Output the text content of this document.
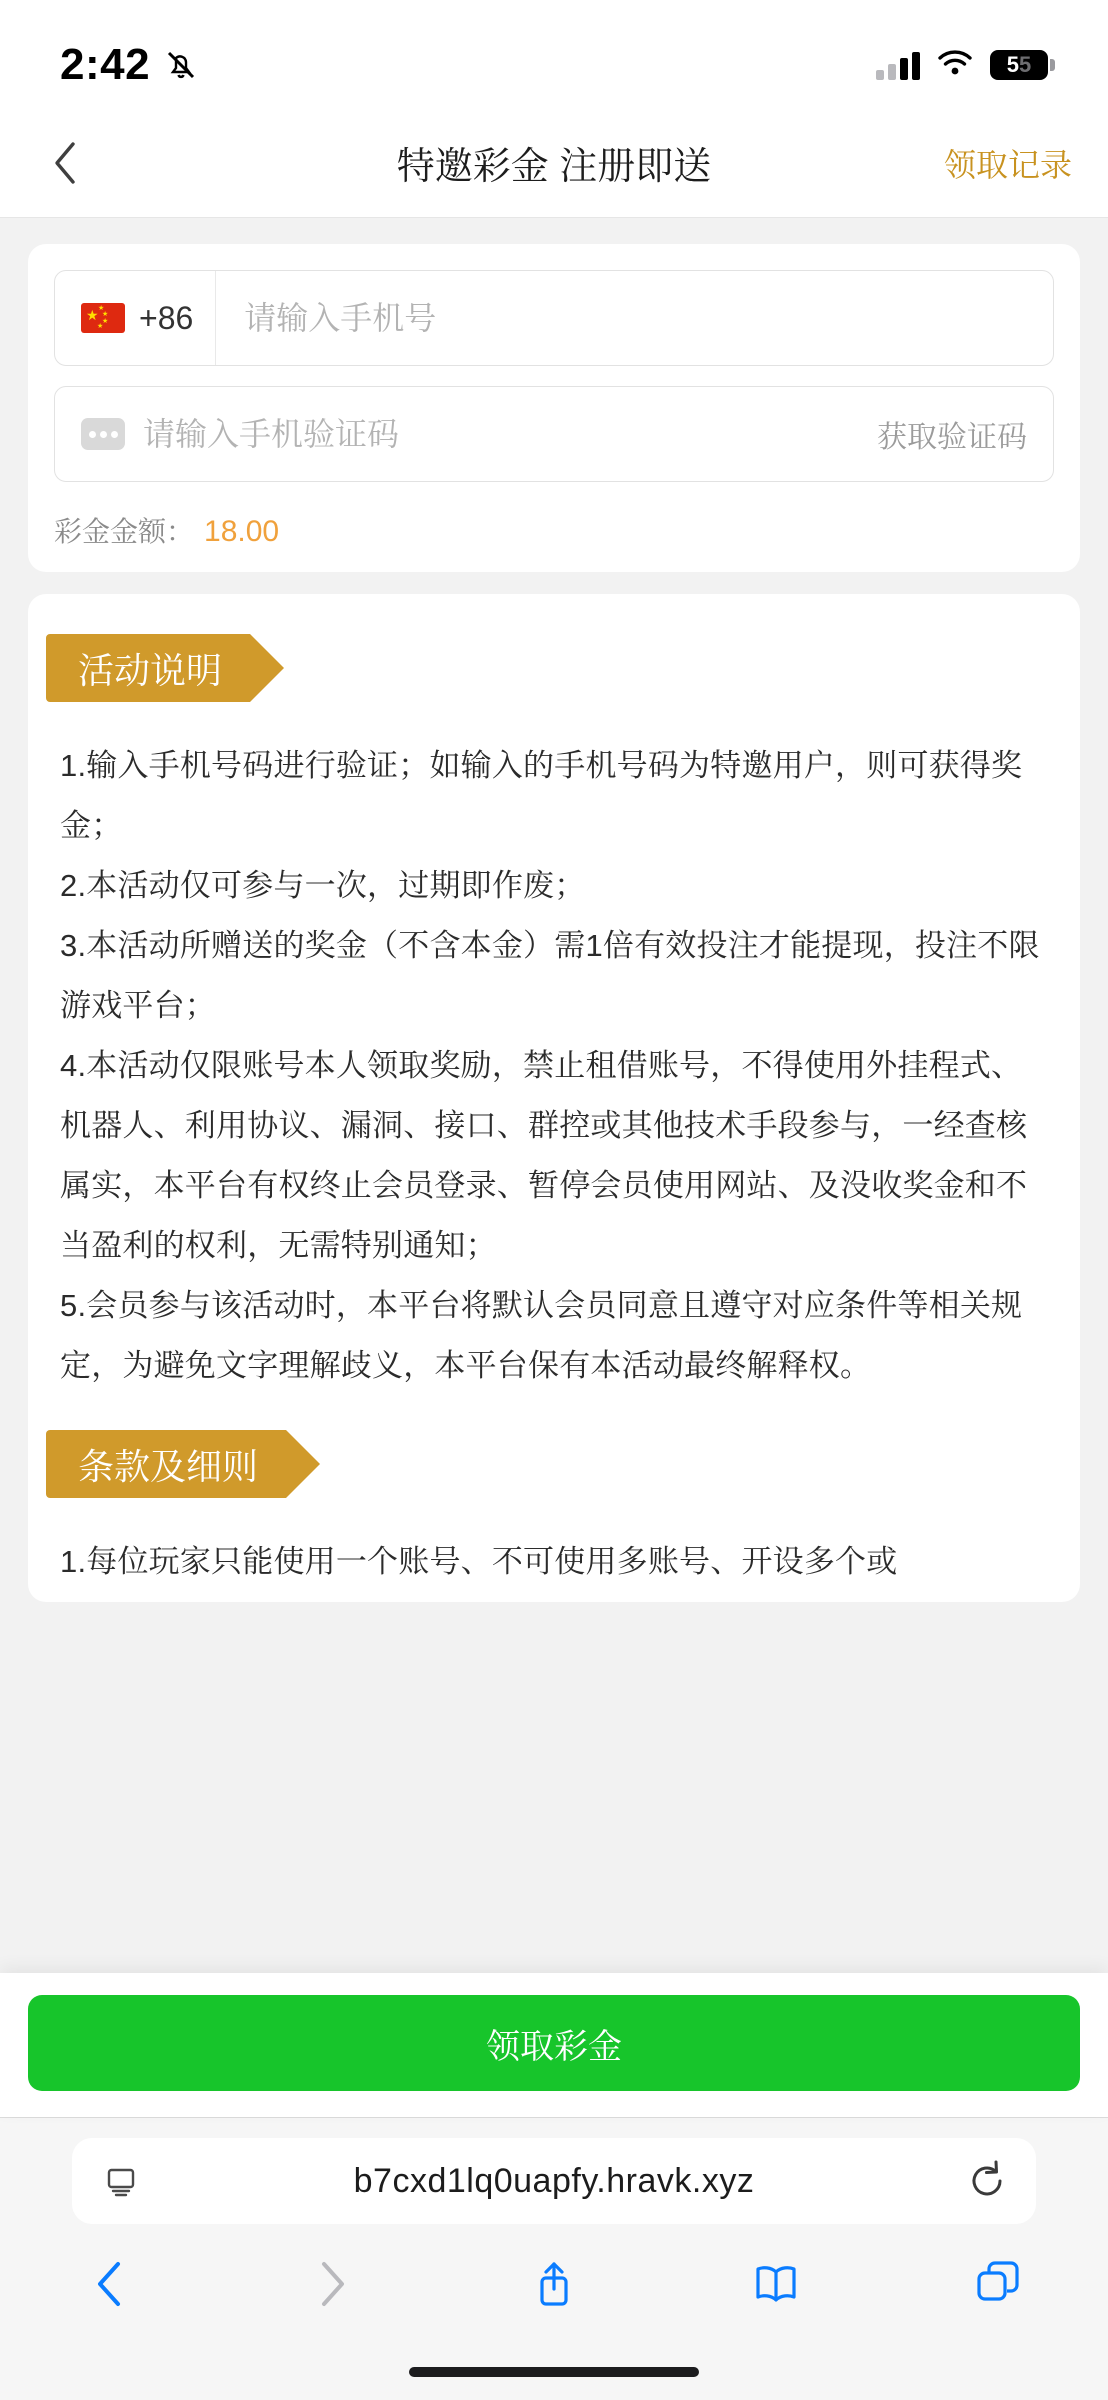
2:42	5 5
特邀彩金 注册即送	领取记录
★ ★
★
★
★ +86
请输入手机号
请输入手机验证码
获取验证码
彩金金额： 18.00
活动说明

1.输入手机号码进行验证；如输入的手机号码为特邀用户，则可获得奖金；

2.本活动仅可参与一次，过期即作废；

3.本活动所赠送的奖金（不含本金）需1倍有效投注才能提现，投注不限游戏平台；

4.本活动仅限账号本人领取奖励，禁止租借账号，不得使用外挂程式、机器人、利用协议、漏洞、接口、群控或其他技术手段参与，一经查核属实，本平台有权终止会员登录、暂停会员使用网站、及没收奖金和不当盈利的权利，无需特别通知；

5.会员参与该活动时，本平台将默认会员同意且遵守对应条件等相关规定，为避免文字理解歧义，本平台保有本活动最终解释权。

条款及细则

1.每位玩家只能使用一个账号、不可使用多账号、开设多个或

领取彩金
b7cxd1lq0uapfy.hravk.xyz
